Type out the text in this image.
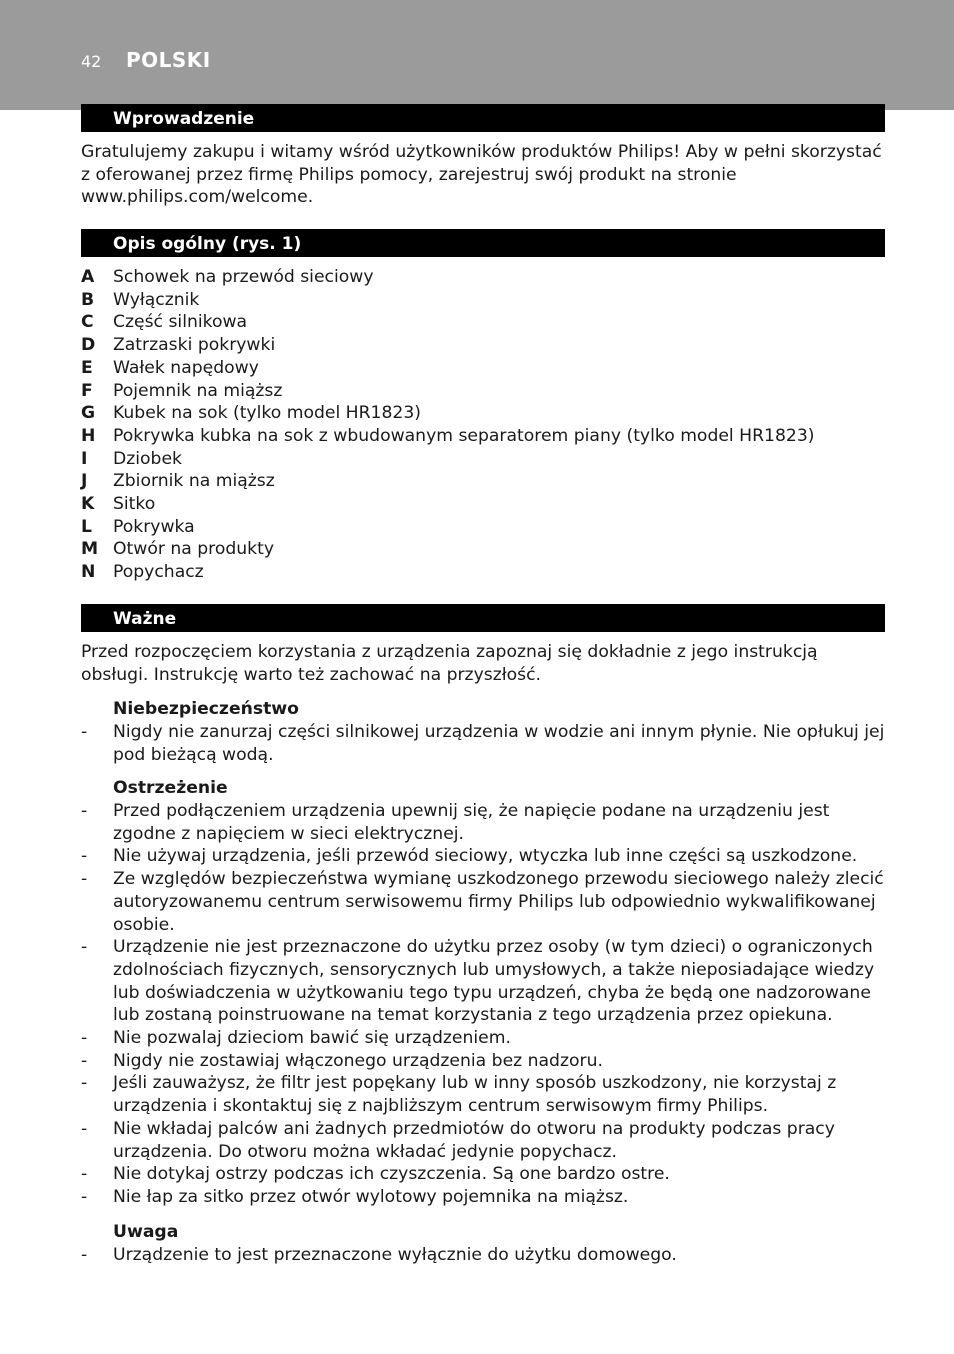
42 POLSKI
Wprowadzenie

Gratulujemy zakupu i witamy wśród użytkowników produktów Philips! Aby w pełni skorzystać z oferowanej przez firmę Philips pomocy, zarejestruj swój produkt na stronie www.philips.com/welcome.

Opis ogólny (rys. 1)
A	Schowek na przewód sieciowy
B	Wyłącznik
C	Część silnikowa
D	Zatrzaski pokrywki
E	Wałek napędowy
F	Pojemnik na miąższ
G	Kubek na sok (tylko model HR1823)
H	Pokrywka kubka na sok z wbudowanym separatorem piany (tylko model HR1823)
I	Dziobek
J	Zbiornik na miąższ
K	Sitko
L	Pokrywka
M Otwór na produkty
N	Popychacz
Ważne

Przed rozpoczęciem korzystania z urządzenia zapoznaj się dokładnie z jego instrukcją obsługi. Instrukcję warto też zachować na przyszłość.

Niebezpieczeństwo
-	Nigdy nie zanurzaj części silnikowej urządzenia w wodzie ani innym płynie. Nie opłukuj jej pod bieżącą wodą.
Ostrzeżenie
-	Przed podłączeniem urządzenia upewnij się, że napięcie podane na urządzeniu jest zgodne z napięciem w sieci elektrycznej.
-	Nie używaj urządzenia, jeśli przewód sieciowy, wtyczka lub inne części są uszkodzone.
-	Ze względów bezpieczeństwa wymianę uszkodzonego przewodu sieciowego należy zlecić autoryzowanemu centrum serwisowemu firmy Philips lub odpowiednio wykwalifikowanej osobie.
-	Urządzenie nie jest przeznaczone do użytku przez osoby (w tym dzieci) o ograniczonych zdolnościach fizycznych, sensorycznych lub umysłowych, a także nieposiadające wiedzy lub doświadczenia w użytkowaniu tego typu urządzeń, chyba że będą one nadzorowane lub zostaną poinstruowane na temat korzystania z tego urządzenia przez opiekuna.
-	Nie pozwalaj dzieciom bawić się urządzeniem.
-	Nigdy nie zostawiaj włączonego urządzenia bez nadzoru.
-	Jeśli zauważysz, że filtr jest popękany lub w inny sposób uszkodzony, nie korzystaj z urządzenia i skontaktuj się z najbliższym centrum serwisowym firmy Philips.
-	Nie wkładaj palców ani żadnych przedmiotów do otworu na produkty podczas pracy urządzenia. Do otworu można wkładać jedynie popychacz.
-	Nie dotykaj ostrzy podczas ich czyszczenia. Są one bardzo ostre.
-	Nie łap za sitko przez otwór wylotowy pojemnika na miąższ.
Uwaga
-	Urządzenie to jest przeznaczone wyłącznie do użytku domowego.
